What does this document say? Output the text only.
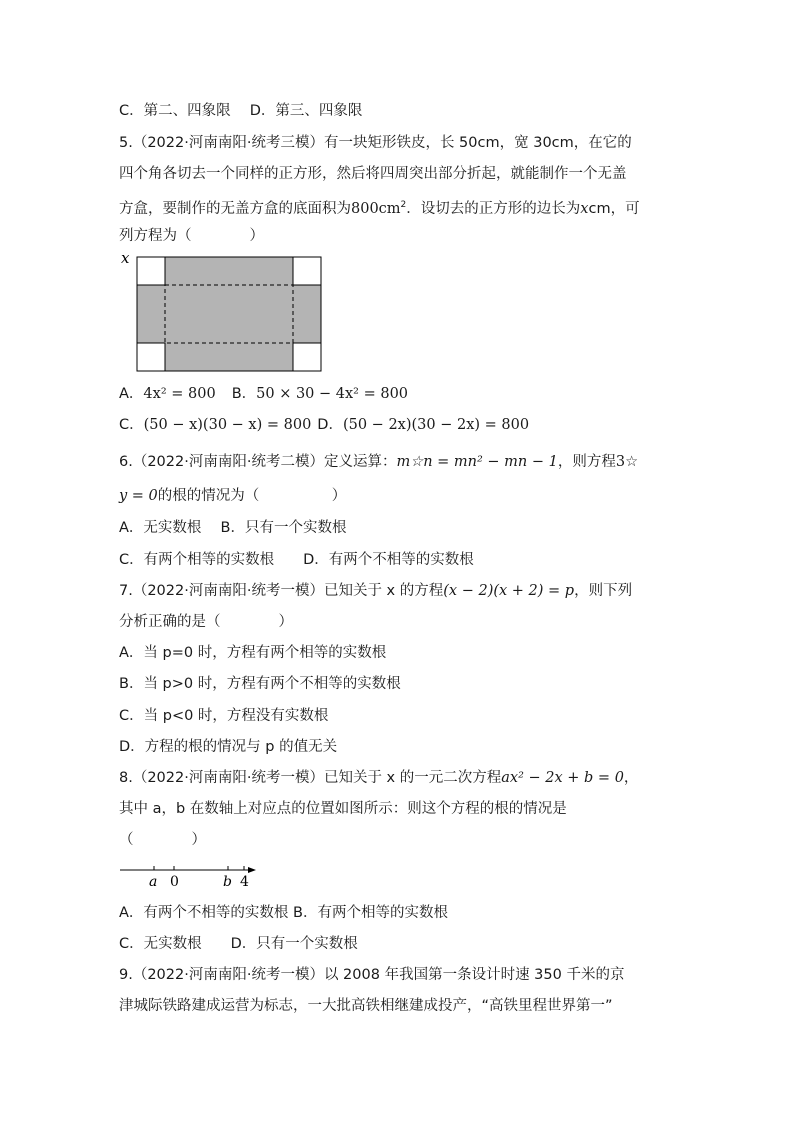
C．第二、四象限　 D．第三、四象限
5.（2022·河南南阳·统考三模）有一块矩形铁皮，长 50cm，宽 30cm，在它的
四个角各切去一个同样的正方形，然后将四周突出部分折起，就能制作一个无盖
方盒，要制作的无盖方盒的底面积为$800cm^2$．设切去的正方形的边长为xcm，可
列方程为（　　　　）
x
A．4x² = 800 B．50 × 30 − 4x² = 800
C．(50 − x)(30 − x) = 800 D．(50 − 2x)(30 − 2x) = 800
6.（2022·河南南阳·统考二模）定义运算：m☆n = mn² − mn − 1，则方程3☆
y = 0的根的情况为（　　　　　）
A．无实数根　 B．只有一个实数根
C．有两个相等的实数根　　D．有两个不相等的实数根
7.（2022·河南南阳·统考一模）已知关于 x 的方程(x − 2)(x + 2) = p，则下列
分析正确的是（　　　　）
A．当 p=0 时，方程有两个相等的实数根
B．当 p>0 时，方程有两个不相等的实数根
C．当 p<0 时，方程没有实数根
D．方程的根的情况与 p 的值无关
8.（2022·河南南阳·统考一模）已知关于 x 的一元二次方程ax² − 2x + b = 0，
其中 a，b 在数轴上对应点的位置如图所示：则这个方程的根的情况是
（　　　　）
a 0	b 4
A．有两个不相等的实数根 B．有两个相等的实数根
C．无实数根　　D．只有一个实数根
9.（2022·河南南阳·统考一模）以 2008 年我国第一条设计时速 350 千米的京
津城际铁路建成运营为标志，一大批高铁相继建成投产，“高铁里程世界第一”
